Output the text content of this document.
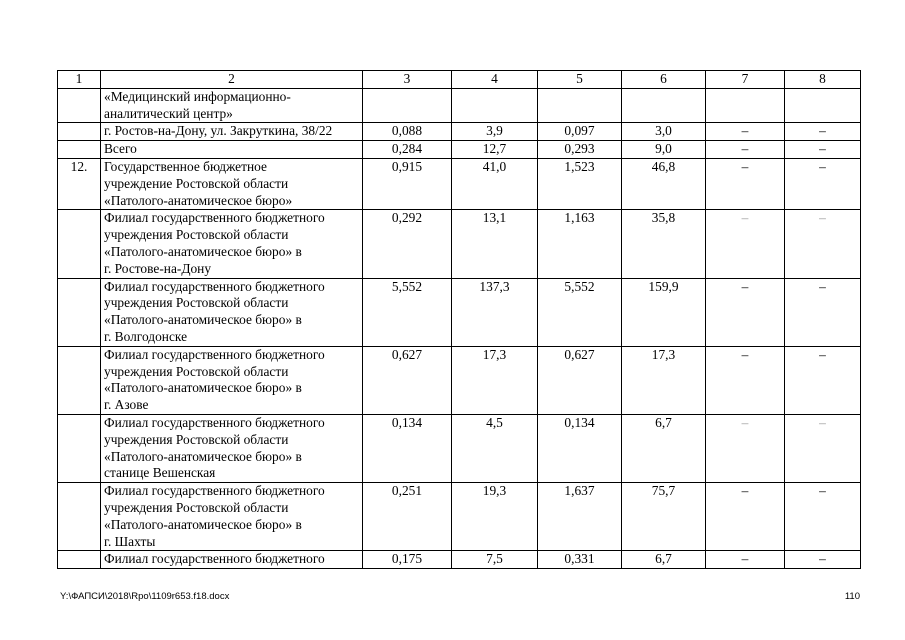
1	2	3	4	5	6	7	8
	«Медицинский информационно-
аналитический центр»						
	г. Ростов-на-Дону, ул. Закруткина, 38/22	0,088	3,9	0,097	3,0	–	–
	Всего	0,284	12,7	0,293	9,0	–	–
12.	Государственное бюджетное
учреждение Ростовской области
«Патолого-анатомическое бюро»	0,915	41,0	1,523	46,8	–	–
	Филиал государственного бюджетного
учреждения Ростовской области
«Патолого-анатомическое бюро» в
г. Ростове-на-Дону	0,292	13,1	1,163	35,8	–	–
	Филиал государственного бюджетного
учреждения Ростовской области
«Патолого-анатомическое бюро» в
г. Волгодонске	5,552	137,3	5,552	159,9	–	–
	Филиал государственного бюджетного
учреждения Ростовской области
«Патолого-анатомическое бюро» в
г. Азове	0,627	17,3	0,627	17,3	–	–
	Филиал государственного бюджетного
учреждения Ростовской области
«Патолого-анатомическое бюро» в
станице Вешенская	0,134	4,5	0,134	6,7	–	–
	Филиал государственного бюджетного
учреждения Ростовской области
«Патолого-анатомическое бюро» в
г. Шахты	0,251	19,3	1,637	75,7	–	–
	Филиал государственного бюджетного	0,175	7,5	0,331	6,7	–	–
Y:\ФАПСИ\2018\Rpo\1109r653.f18.docx	110
